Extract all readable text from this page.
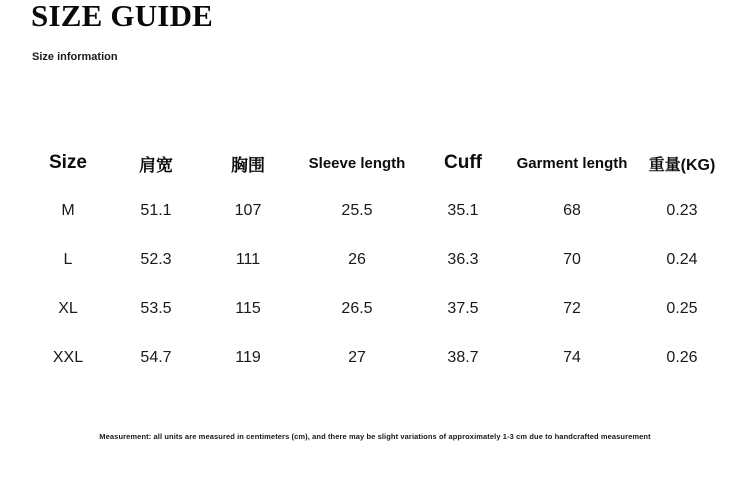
SIZE GUIDE
Size information
Size	肩宽	胸围	Sleeve length	Cuff	Garment length	重量(KG)
M	51.1	107	25.5	35.1	68	0.23
L	52.3	111	26	36.3	70	0.24
XL	53.5	115	26.5	37.5	72	0.25
XXL	54.7	119	27	38.7	74	0.26
Measurement: all units are measured in centimeters (cm), and there may be slight variations of approximately 1-3 cm due to handcrafted measurement
